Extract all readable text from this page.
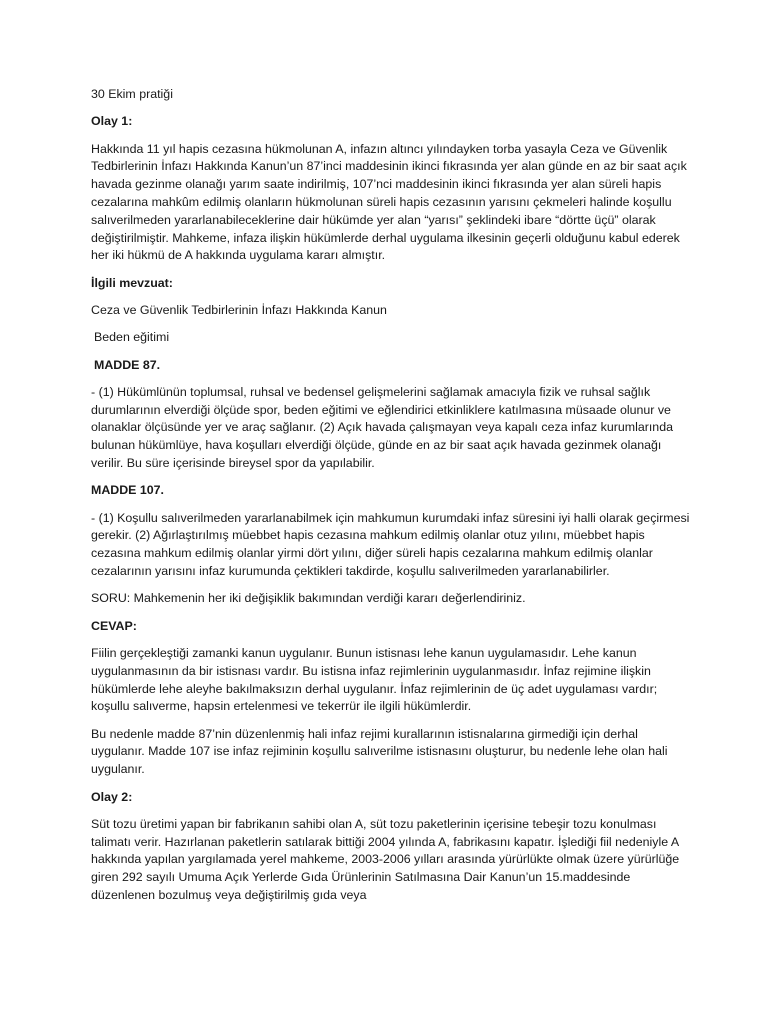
30 Ekim pratiği

Olay 1:

Hakkında 11 yıl hapis cezasına hükmolunan A, infazın altıncı yılındayken torba yasayla Ceza ve Güvenlik Tedbirlerinin İnfazı Hakkında Kanun’un 87’inci maddesinin ikinci fıkrasında yer alan günde en az bir saat açık havada gezinme olanağı yarım saate indirilmiş, 107’nci maddesinin ikinci fıkrasında yer alan süreli hapis cezalarına mahkûm edilmiş olanların hükmolunan süreli hapis cezasının yarısını çekmeleri halinde koşullu salıverilmeden yararlanabileceklerine dair hükümde yer alan “yarısı” şeklindeki ibare “dörtte üçü” olarak değiştirilmiştir. Mahkeme, infaza ilişkin hükümlerde derhal uygulama ilkesinin geçerli olduğunu kabul ederek her iki hükmü de A hakkında uygulama kararı almıştır.

İlgili mevzuat:

Ceza ve Güvenlik Tedbirlerinin İnfazı Hakkında Kanun

Beden eğitimi

MADDE 87.

- (1) Hükümlünün toplumsal, ruhsal ve bedensel gelişmelerini sağlamak amacıyla fizik ve ruhsal sağlık durumlarının elverdiği ölçüde spor, beden eğitimi ve eğlendirici etkinliklere katılmasına müsaade olunur ve olanaklar ölçüsünde yer ve araç sağlanır. (2) Açık havada çalışmayan veya kapalı ceza infaz kurumlarında bulunan hükümlüye, hava koşulları elverdiği ölçüde, günde en az bir saat açık havada gezinmek olanağı verilir. Bu süre içerisinde bireysel spor da yapılabilir.

MADDE 107.

- (1) Koşullu salıverilmeden yararlanabilmek için mahkumun kurumdaki infaz süresini iyi halli olarak geçirmesi gerekir. (2) Ağırlaştırılmış müebbet hapis cezasına mahkum edilmiş olanlar otuz yılını, müebbet hapis cezasına mahkum edilmiş olanlar yirmi dört yılını, diğer süreli hapis cezalarına mahkum edilmiş olanlar cezalarının yarısını infaz kurumunda çektikleri takdirde, koşullu salıverilmeden yararlanabilirler.

SORU: Mahkemenin her iki değişiklik bakımından verdiği kararı değerlendiriniz.

CEVAP:

Fiilin gerçekleştiği zamanki kanun uygulanır. Bunun istisnası lehe kanun uygulamasıdır. Lehe kanun uygulanmasının da bir istisnası vardır. Bu istisna infaz rejimlerinin uygulanmasıdır. İnfaz rejimine ilişkin hükümlerde lehe aleyhe bakılmaksızın derhal uygulanır. İnfaz rejimlerinin de üç adet uygulaması vardır; koşullu salıverme, hapsin ertelenmesi ve tekerrür ile ilgili hükümlerdir.

Bu nedenle madde 87’nin düzenlenmiş hali infaz rejimi kurallarının istisnalarına girmediği için derhal uygulanır. Madde 107 ise infaz rejiminin koşullu salıverilme istisnasını oluşturur, bu nedenle lehe olan hali uygulanır.

Olay 2:

Süt tozu üretimi yapan bir fabrikanın sahibi olan A, süt tozu paketlerinin içerisine tebeşir tozu konulması talimatı verir. Hazırlanan paketlerin satılarak bittiği 2004 yılında A, fabrikasını kapatır. İşlediği fiil nedeniyle A hakkında yapılan yargılamada yerel mahkeme, 2003-2006 yılları arasında yürürlükte olmak üzere yürürlüğe giren 292 sayılı Umuma Açık Yerlerde Gıda Ürünlerinin Satılmasına Dair Kanun’un 15.maddesinde düzenlenen bozulmuş veya değiştirilmiş gıda veya
